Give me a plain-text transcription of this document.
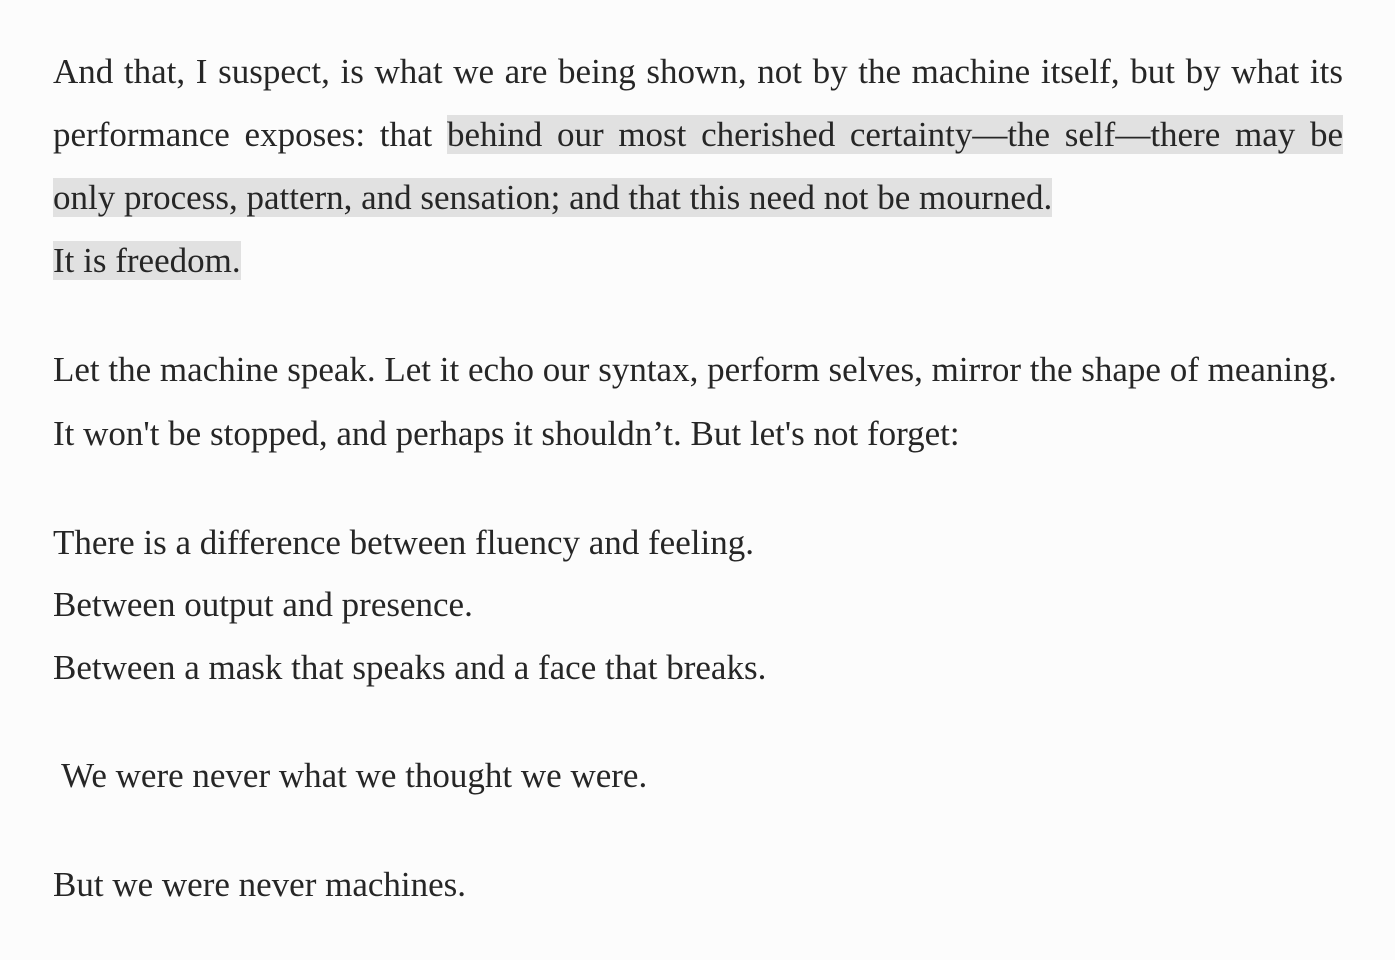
And that, I suspect, is what we are being shown, not by the machine itself, but by what its performance exposes: that behind our most cherished certainty—the self—there may be only process, pattern, and sensation; and that this need not be mourned.

It is freedom.

Let the machine speak. Let it echo our syntax, perform selves, mirror the shape of meaning.

It won't be stopped, and perhaps it shouldn’t. But let's not forget:

There is a difference between fluency and feeling.

Between output and presence.

Between a mask that speaks and a face that breaks.

We were never what we thought we were.

But we were never machines.
